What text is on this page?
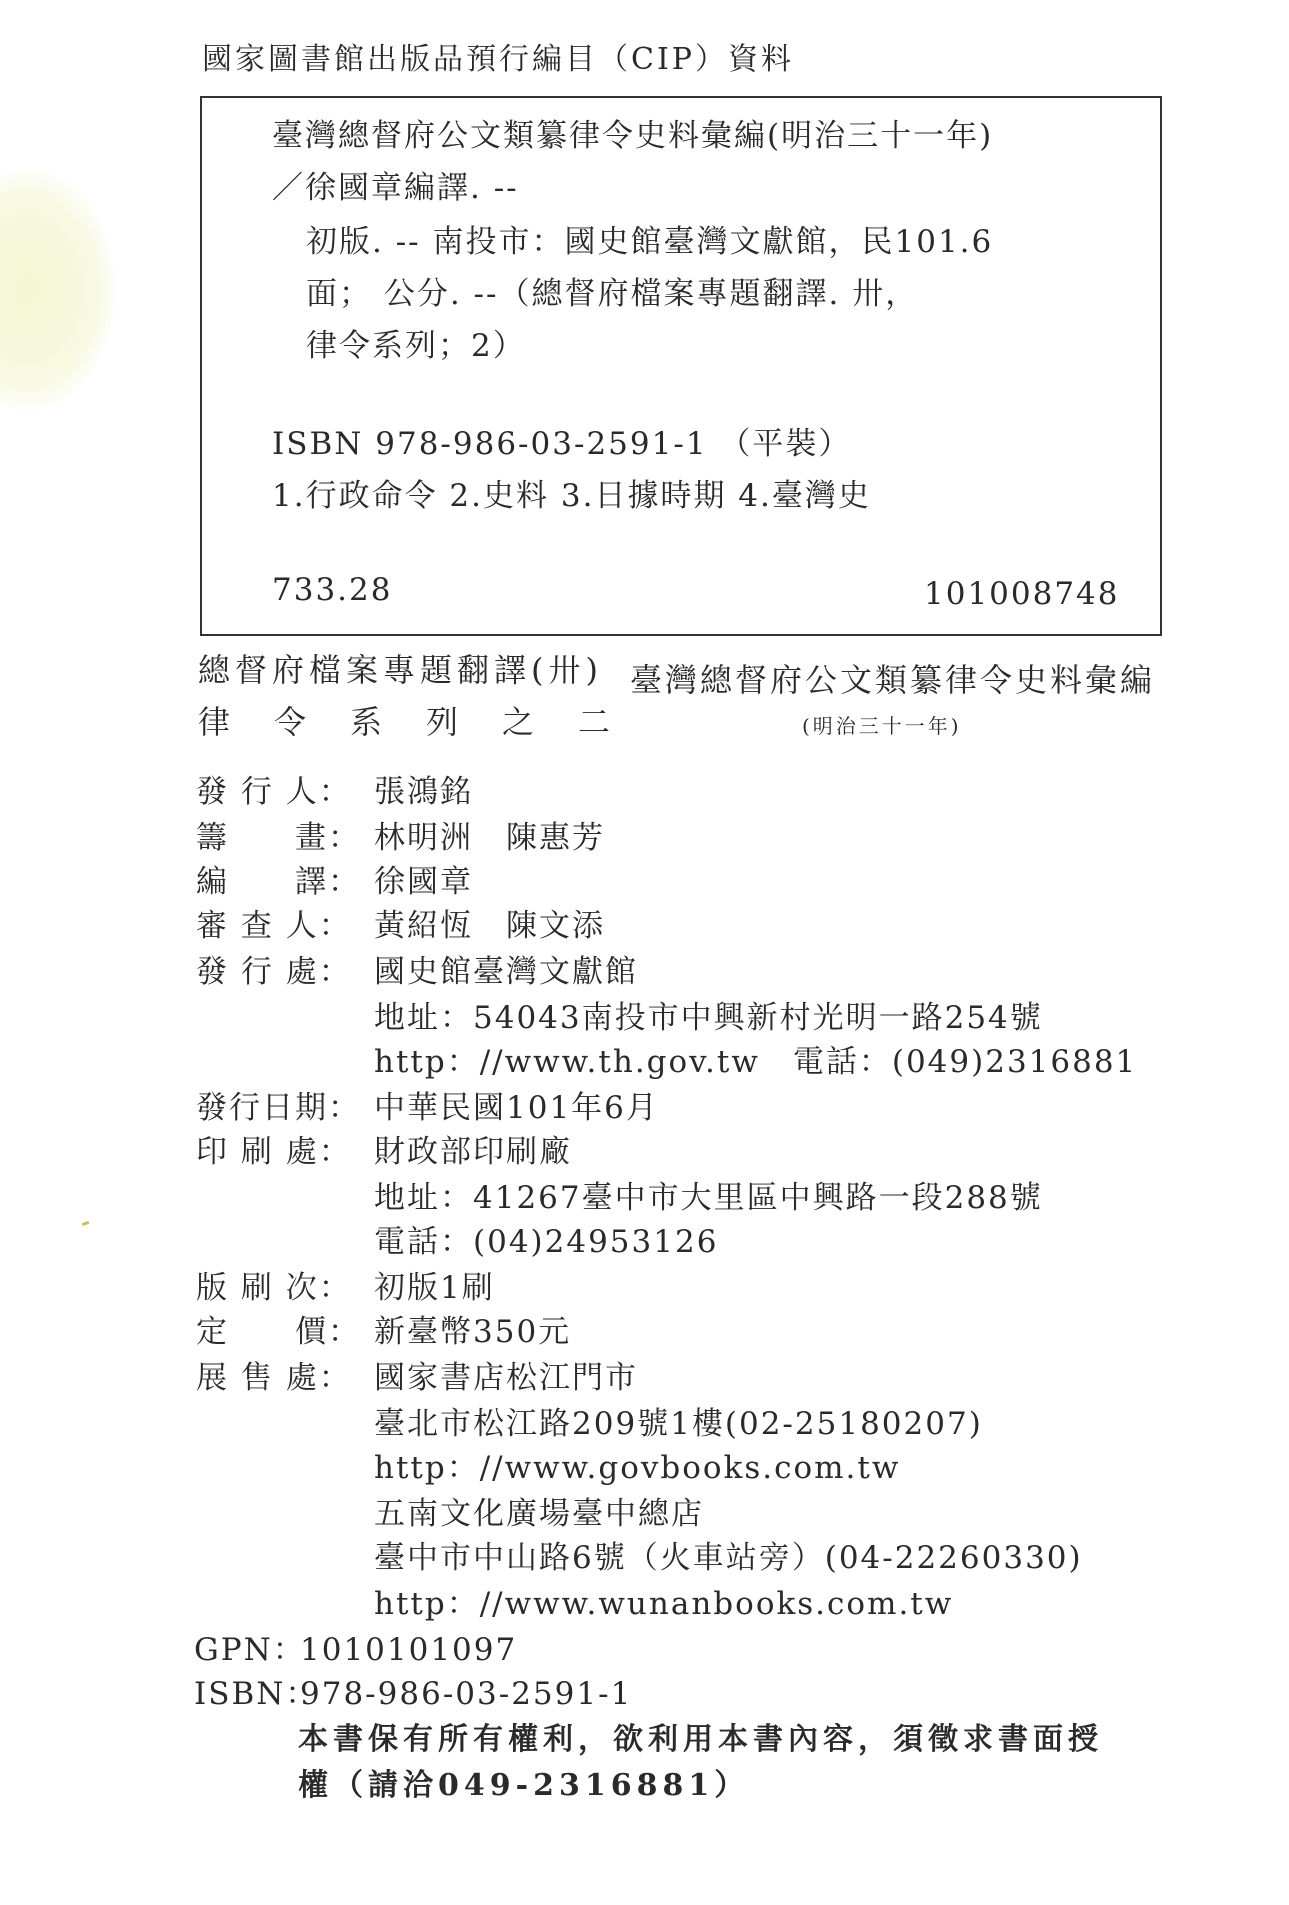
國家圖書館出版品預行編目（CIP）資料
臺灣總督府公文類纂律令史料彙編(明治三十一年)
／徐國章編譯. --
初版. -- 南投市：國史館臺灣文獻館，民101.6
面； 公分. --（總督府檔案專題翻譯. 卅，
律令系列；2）
ISBN 978-986-03-2591-1 （平裝）
1.行政命令 2.史料 3.日據時期 4.臺灣史
733.28	101008748
總督府檔案專題翻譯(卅)
律令系列之二
臺灣總督府公文類纂律令史料彙編
(明治三十一年)
發 行 人： 張鴻銘
籌　　畫： 林明洲　陳惠芳
編　　譯： 徐國章
審 查 人： 黃紹恆　陳文添
發 行 處： 國史館臺灣文獻館
地址：54043南投市中興新村光明一路254號
http：//www.th.gov.tw　電話：(049)2316881
發行日期： 中華民國101年6月
印 刷 處： 財政部印刷廠
地址：41267臺中市大里區中興路一段288號
電話：(04)24953126
版 刷 次： 初版1刷
定　　價： 新臺幣350元
展 售 處： 國家書店松江門市
臺北市松江路209號1樓(02-25180207)
http：//www.govbooks.com.tw
五南文化廣場臺中總店
臺中市中山路6號（火車站旁）(04-22260330)
http：//www.wunanbooks.com.tw
GPN：
1010101097
ISBN：
978-986-03-2591-1
本書保有所有權利，欲利用本書內容，須徵求書面授
權（請洽049-2316881）
